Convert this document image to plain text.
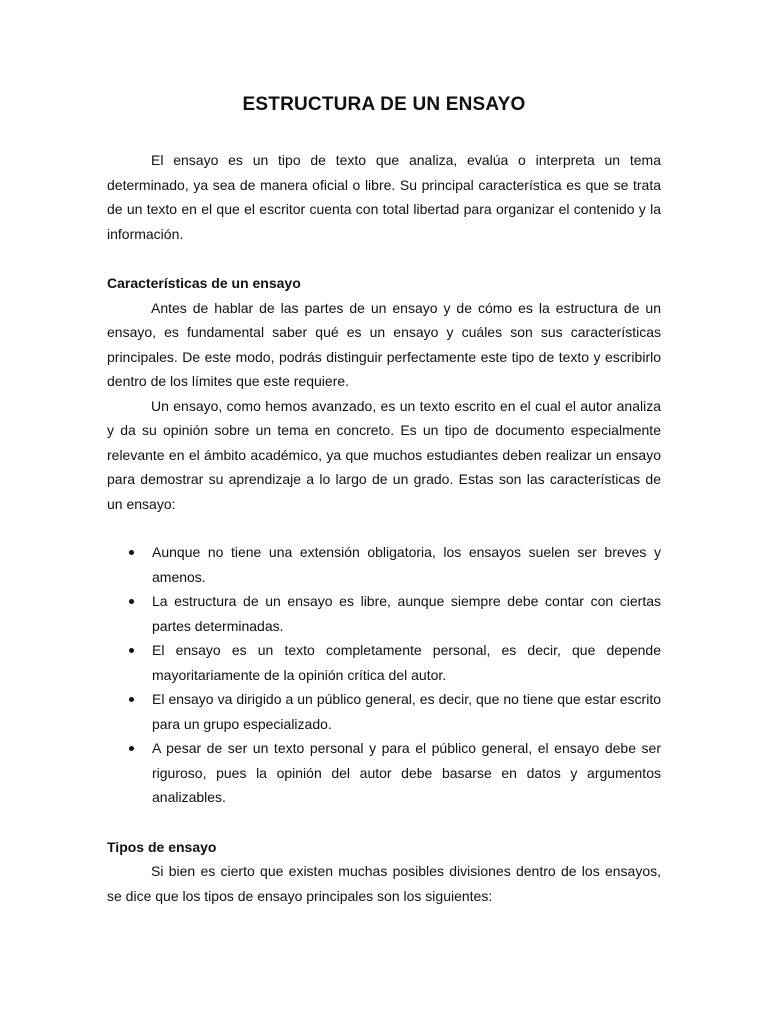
ESTRUCTURA DE UN ENSAYO

El ensayo es un tipo de texto que analiza, evalúa o interpreta un tema determinado, ya sea de manera oficial o libre. Su principal característica es que se trata de un texto en el que el escritor cuenta con total libertad para organizar el contenido y la información.

Características de un ensayo

Antes de hablar de las partes de un ensayo y de cómo es la estructura de un ensayo, es fundamental saber qué es un ensayo y cuáles son sus características principales. De este modo, podrás distinguir perfectamente este tipo de texto y escribirlo dentro de los límites que este requiere.

Un ensayo, como hemos avanzado, es un texto escrito en el cual el autor analiza y da su opinión sobre un tema en concreto. Es un tipo de documento especialmente relevante en el ámbito académico, ya que muchos estudiantes deben realizar un ensayo para demostrar su aprendizaje a lo largo de un grado. Estas son las características de un ensayo:

Aunque no tiene una extensión obligatoria, los ensayos suelen ser breves y amenos.
La estructura de un ensayo es libre, aunque siempre debe contar con ciertas partes determinadas.
El ensayo es un texto completamente personal, es decir, que depende mayoritariamente de la opinión crítica del autor.
El ensayo va dirigido a un público general, es decir, que no tiene que estar escrito para un grupo especializado.
A pesar de ser un texto personal y para el público general, el ensayo debe ser riguroso, pues la opinión del autor debe basarse en datos y argumentos analizables.
Tipos de ensayo

Si bien es cierto que existen muchas posibles divisiones dentro de los ensayos, se dice que los tipos de ensayo principales son los siguientes:
